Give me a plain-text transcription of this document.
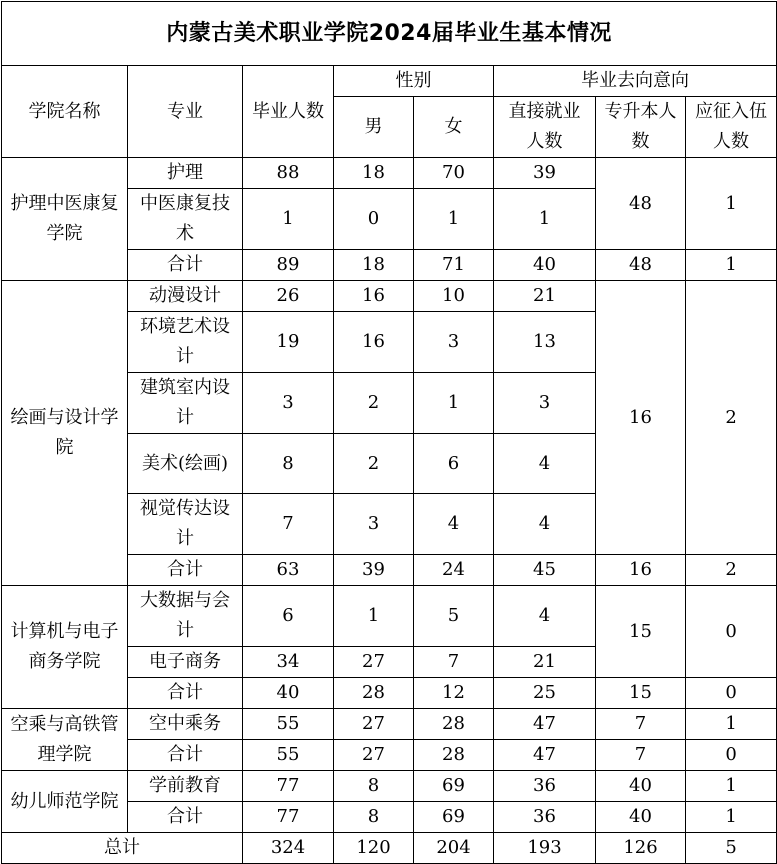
内蒙古美术职业学院2024届毕业生基本情况							
学院名称	专业	毕业人数	性别		毕业去向意向		
			男	女	直接就业人数	专升本人数	应征入伍人数
护理中医康复学院	护理	88	18	70	39	48	1
	中医康复技术	1	0	1	1		
	合计	89	18	71	40	48	1
绘画与设计学院	动漫设计	26	16	10	21	16	2
	环境艺术设计	19	16	3	13		
	建筑室内设计	3	2	1	3		
	美术(绘画)	8	2	6	4		
	视觉传达设计	7	3	4	4		
	合计	63	39	24	45	16	2
计算机与电子商务学院	大数据与会计	6	1	5	4	15	0
	电子商务	34	27	7	21		
	合计	40	28	12	25	15	0
空乘与高铁管理学院	空中乘务	55	27	28	47	7	1
	合计	55	27	28	47	7	0
幼儿师范学院	学前教育	77	8	69	36	40	1
	合计	77	8	69	36	40	1
总计		324	120	204	193	126	5
